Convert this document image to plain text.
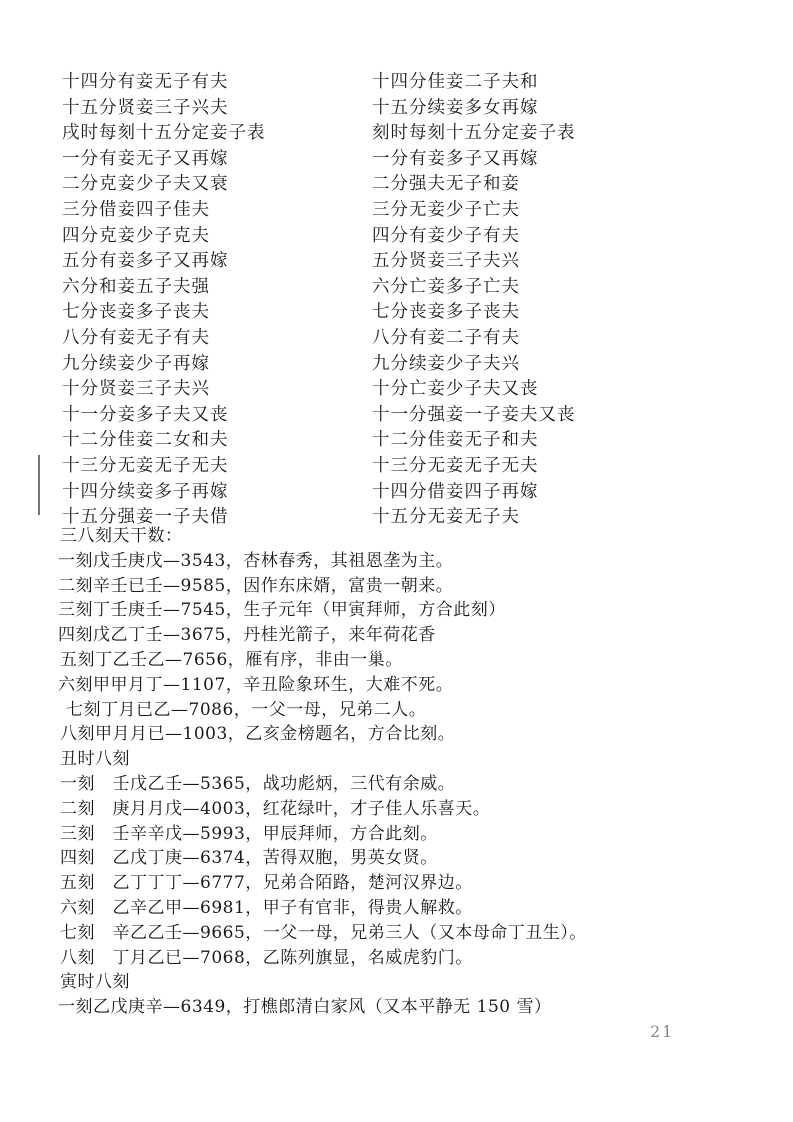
十四分有妾无子有夫	十四分佳妾二子夫和
十五分贤妾三子兴夫	十五分续妾多女再嫁
戌时每刻十五分定妾子表	刻时每刻十五分定妾子表
一分有妾无子又再嫁	一分有妾多子又再嫁
二分克妾少子夫又衰	二分强夫无子和妾
三分借妾四子佳夫	三分无妾少子亡夫
四分克妾少子克夫	四分有妾少子有夫
五分有妾多子又再嫁	五分贤妾三子夫兴
六分和妾五子夫强	六分亡妾多子亡夫
七分丧妾多子丧夫	七分丧妾多子丧夫
八分有妾无子有夫	八分有妾二子有夫
九分续妾少子再嫁	九分续妾少子夫兴
十分贤妾三子夫兴	十分亡妾少子夫又丧
十一分妾多子夫又丧	十一分强妾一子妾夫又丧
十二分佳妾二女和夫	十二分佳妾无子和夫
十三分无妾无子无夫	十三分无妾无子无夫
十四分续妾多子再嫁	十四分借妾四子再嫁
十五分强妾一子夫借	十五分无妾无子夫
三八刻天干数：
一刻戊壬庚戊—3543，杏林春秀，其祖恩垄为主。
二刻辛壬已壬—9585，因作东床婿，富贵一朝来。
三刻丁壬庚壬—7545，生子元年（甲寅拜师，方合此刻）
四刻戊乙丁壬—3675，丹桂光箭子，来年荷花香
五刻丁乙壬乙—7656，雁有序，非由一巢。
六刻甲甲月丁—1107，辛丑险象环生，大难不死。
七刻丁月已乙—7086，一父一母，兄弟二人。
八刻甲月月已—1003，乙亥金榜题名，方合比刻。
丑时八刻
一刻　壬戊乙壬—5365，战功彪炳，三代有余威。
二刻　庚月月戊—4003，红花绿叶，才子佳人乐喜天。
三刻　壬辛辛戊—5993，甲辰拜师，方合此刻。
四刻　乙戊丁庚—6374，苦得双胞，男英女贤。
五刻　乙丁丁丁—6777，兄弟合陌路，楚河汉界边。
六刻　乙辛乙甲—6981，甲子有官非，得贵人解救。
七刻　辛乙乙壬—9665，一父一母，兄弟三人（又本母命丁丑生）。
八刻　丁月乙已—7068，乙陈列旗显，名威虎豹门。
寅时八刻
一刻乙戊庚辛—6349，打樵郎清白家风（又本平静无 150 雪）
21
